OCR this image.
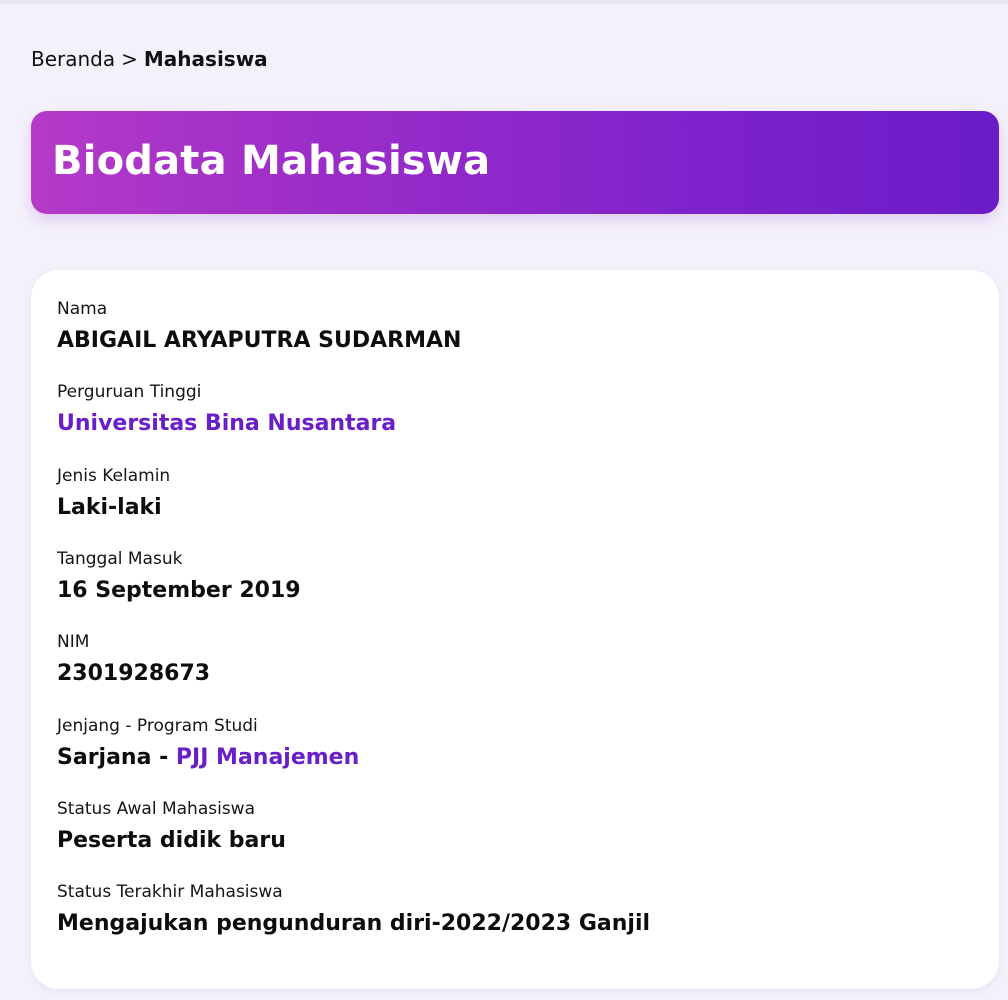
Beranda > Mahasiswa
Biodata Mahasiswa
Nama
ABIGAIL ARYAPUTRA SUDARMAN
Perguruan Tinggi
Universitas Bina Nusantara
Jenis Kelamin
Laki-laki
Tanggal Masuk
16 September 2019
NIM
2301928673
Jenjang - Program Studi
Sarjana - PJJ Manajemen
Status Awal Mahasiswa
Peserta didik baru
Status Terakhir Mahasiswa
Mengajukan pengunduran diri-2022/2023 Ganjil
